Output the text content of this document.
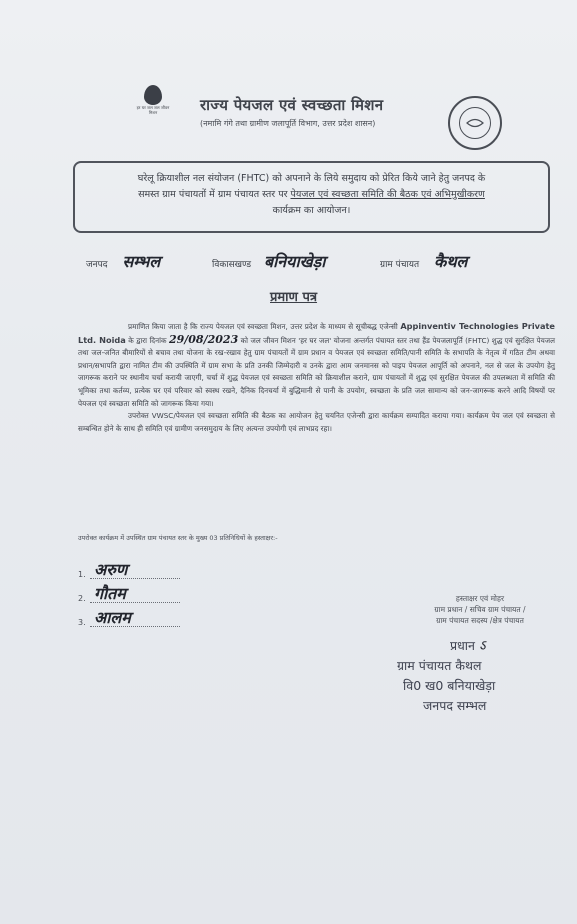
हर घर जल जल जीवन मिशन	राज्य पेयजल एवं स्वच्छता मिशन
(नमामि गंगे तथा ग्रामीण जलापूर्ति विभाग, उत्तर प्रदेश शासन)
घरेलू क्रियाशील नल संयोजन (FHTC) को अपनाने के लिये समुदाय को प्रेरित किये जाने हेतु जनपद के
समस्त ग्राम पंचायतों में ग्राम पंचायत स्तर पर पेयजल एवं स्वच्छता समिति की बैठक एवं अभिमुखीकरण
कार्यक्रम का आयोजन।
जनपद सम्भल	विकासखण्ड बनियाखेड़ा	ग्राम पंचायत कैथल
प्रमाण पत्र

प्रमाणित किया जाता है कि राज्य पेयजल एवं स्वच्छता मिशन, उत्तर प्रदेश के माध्यम से सूचीबद्ध एजेन्सी Appinventiv Technologies Private Ltd. Noida के द्वारा दिनांक 29/08/2023 को जल जीवन मिशन 'हर घर जल' योजना अन्तर्गत पंचायत स्तर तथा हैंड पेयजलापूर्ति (FHTC) शुद्ध एवं सुरक्षित पेयजल तथा जल-जनित बीमारियों से बचाव तथा योजना के रख-रखाव हेतु ग्राम पंचायतों में ग्राम प्रधान व पेयजल एवं स्वच्छता समिति/पानी समिति के सभापति के नेतृत्व में गठित टीम अथवा प्रधान/सभापति द्वारा नामित टीम की उपस्थिति में ग्राम सभा के प्रति उनकी जिम्मेदारी व उनके द्वारा आम जनमानस को पाइप पेयजल आपूर्ति को अपनाने, नल से जल के उपयोग हेतु जागरूक कराने पर स्थानीय चर्चा करायी जाएगी, चर्चा में शुद्ध पेयजल एवं स्वच्छता समिति को क्रियाशील कराने, ग्राम पंचायतों में शुद्ध एवं सुरक्षित पेयजल की उपलब्धता में समिति की भूमिका तथा कर्तव्य, प्रत्येक घर एवं परिवार को स्वस्थ रखने, दैनिक दिनचर्या में बुद्धिमानी से पानी के उपयोग, स्वच्छता के प्रति जल सामान्य को जन-जागरूक करने आदि विषयों पर पेयजल एवं स्वच्छता समिति को जागरूक किया गया।

उपरोक्त VWSC/पेयजल एवं स्वच्छता समिति की बैठक का आयोजन हेतु चयनित एजेन्सी द्वारा कार्यक्रम सम्पादित कराया गया। कार्यक्रम पेय जल एवं स्वच्छता से सम्बन्धित होने के साथ ही समिति एवं ग्रामीण जनसमुदाय के लिए अत्यन्त उपयोगी एवं लाभप्रद रहा।

उपरोक्त कार्यक्रम में उपस्थित ग्राम पंचायत स्तर के मुख्य 03 प्रतिनिधियों के हस्ताक्षर:-
1. अरुण
2. गौतम
3. आलम
हस्ताक्षर एवं मोहर
ग्राम प्रधान / सचिव ग्राम पंचायत /
ग्राम पंचायत सदस्य /क्षेत्र पंचायत
प्रधान ऽ
ग्राम पंचायत कैथल
वि0 ख0 बनियाखेड़ा
जनपद सम्भल
